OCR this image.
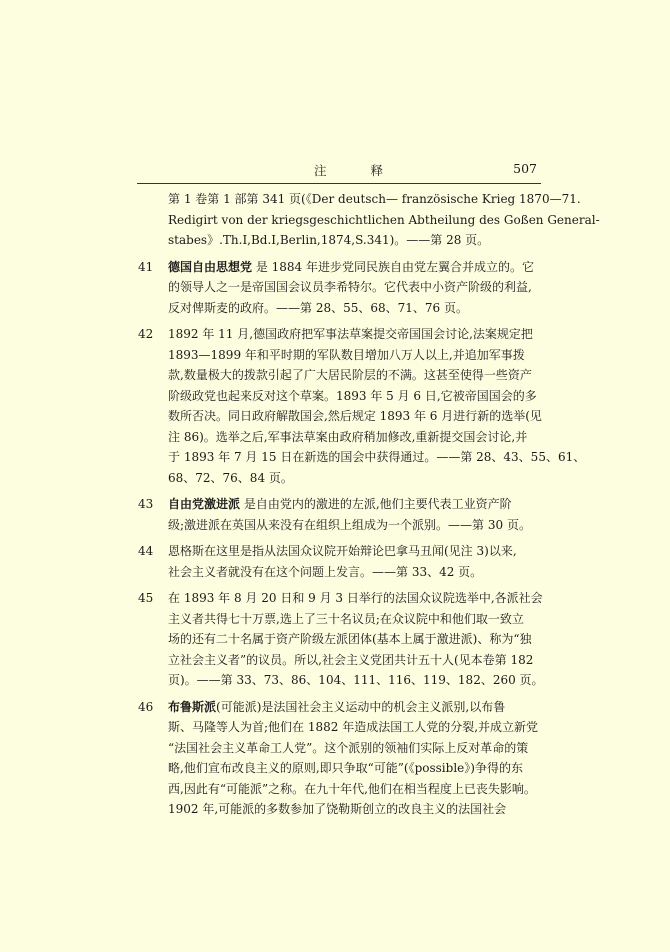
注 释	507
第 1 卷第 1 部第 341 页(《Der deutsch— französische Krieg 1870—71.
Redigirt von der kriegsgeschichtlichen Abtheilung des Goßen General-
stabes》.Th.I,Bd.I,Berlin,1874,S.341)。——第 28 页。
41	德国自由思想党 是 1884 年进步党同民族自由党左翼合并成立的。它
的领导人之一是帝国国会议员李希特尔。它代表中小资产阶级的利益,
反对俾斯麦的政府。——第 28、55、68、71、76 页。
42	1892 年 11 月,德国政府把军事法草案提交帝国国会讨论,法案规定把
1893—1899 年和平时期的军队数目增加八万人以上,并追加军事拨
款,数量极大的拨款引起了广大居民阶层的不满。这甚至使得一些资产
阶级政党也起来反对这个草案。1893 年 5 月 6 日,它被帝国国会的多
数所否决。同日政府解散国会,然后规定 1893 年 6 月进行新的选举(见
注 86)。选举之后,军事法草案由政府稍加修改,重新提交国会讨论,并
于 1893 年 7 月 15 日在新选的国会中获得通过。——第 28、43、55、61、
68、72、76、84 页。
43	自由党激进派 是自由党内的激进的左派,他们主要代表工业资产阶
级;激进派在英国从来没有在组织上组成为一个派别。——第 30 页。
44	恩格斯在这里是指从法国众议院开始辩论巴拿马丑闻(见注 3)以来,
社会主义者就没有在这个问题上发言。——第 33、42 页。
45	在 1893 年 8 月 20 日和 9 月 3 日举行的法国众议院选举中,各派社会
主义者共得七十万票,选上了三十名议员;在众议院中和他们取一致立
场的还有二十名属于资产阶级左派团体(基本上属于激进派)、称为“独
立社会主义者”的议员。所以,社会主义党团共计五十人(见本卷第 182
页)。——第 33、73、86、104、111、116、119、182、260 页。
46	布鲁斯派(可能派)是法国社会主义运动中的机会主义派别,以布鲁
斯、马隆等人为首;他们在 1882 年造成法国工人党的分裂,并成立新党
“法国社会主义革命工人党”。这个派别的领袖们实际上反对革命的策
略,他们宣布改良主义的原则,即只争取“可能”(《possible》)争得的东
西,因此有“可能派”之称。在九十年代,他们在相当程度上已丧失影响。
1902 年,可能派的多数参加了饶勒斯创立的改良主义的法国社会
